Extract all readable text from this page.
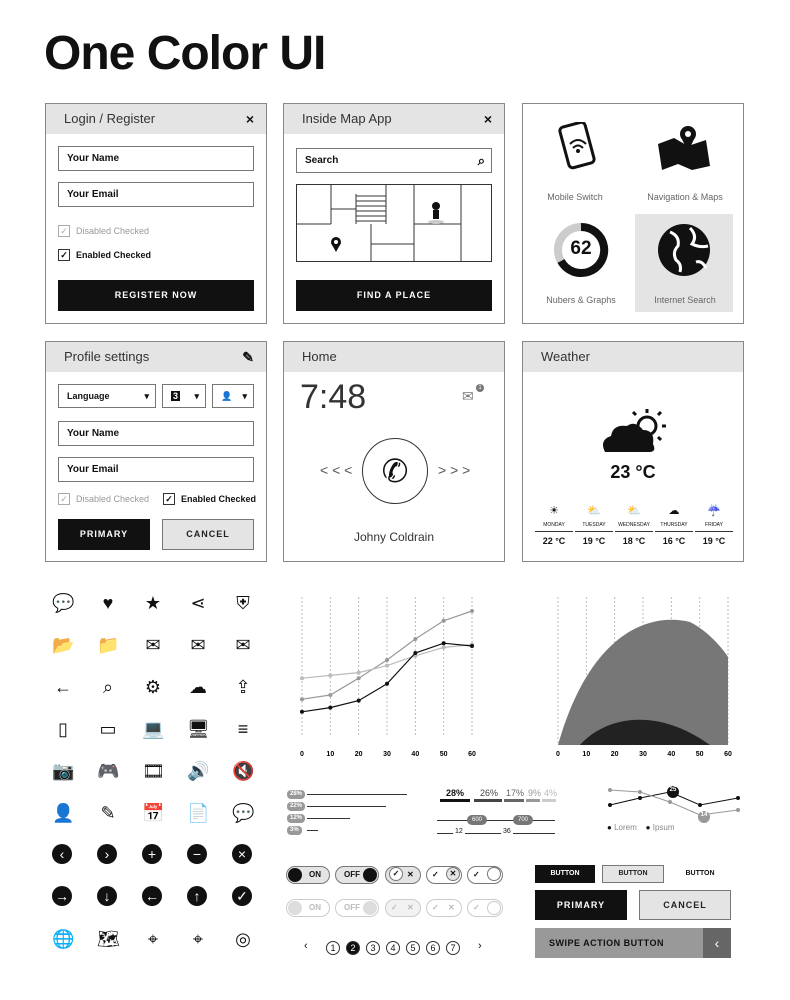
One Color UI
Login / Register	×
Your Name
Your Email
✓ Disabled Checked
✓ Enabled Checked
REGISTER NOW
Inside Map App	×
Search	⌕
FIND A PLACE
Mobile Switch	Navigation & Maps
62
Nubers & Graphs	Internet Search
Profile settings	✎
Language	▾	3 ▾	👤 ▾
Your Name
Your Email
✓ Disabled Checked ✓ Enabled Checked
PRIMARY	CANCEL
Home
7:48	✉ 1
< < < ✆	> > >
Johny Coldrain
Weather
23 °C
☀
MONDAY
22 °C
⛅
TUESDAY
19 °C
⛅
WEDNESDAY
18 °C
☁
THURSDAY
16 °C
☔
FRIDAY
19 °C
💬	♥	★ ⋖ ⛨
📂 📁 ✉ ✉ ✉
←	⌕	⚙ ☁ ⇪
▯	▭ 💻 🖥	≡
📷 🎮 🎞 🔊 🔇
👤 ✎ 📅 📄 💬
‹	›	+	−	×
→	↓	←	↑	✓
🌐 🗺	⌖	⌖	◎
0	10	20	30	40	50	60	0	10	20	30	40	50	60
28%
22%
12%
3%
28% 26% 17% 9% 4%
600	700
12	36
25
14
● Lorem ● Ipsum
ON	OFF	✓ ✕ ✓	✕	✓
ON	OFF	✓ ✕ ✓ ✕ ✓
‹	1	2	3	4	5	6	7	›
BUTTON	BUTTON	BUTTON
PRIMARY	CANCEL
SWIPE ACTION BUTTON	‹
